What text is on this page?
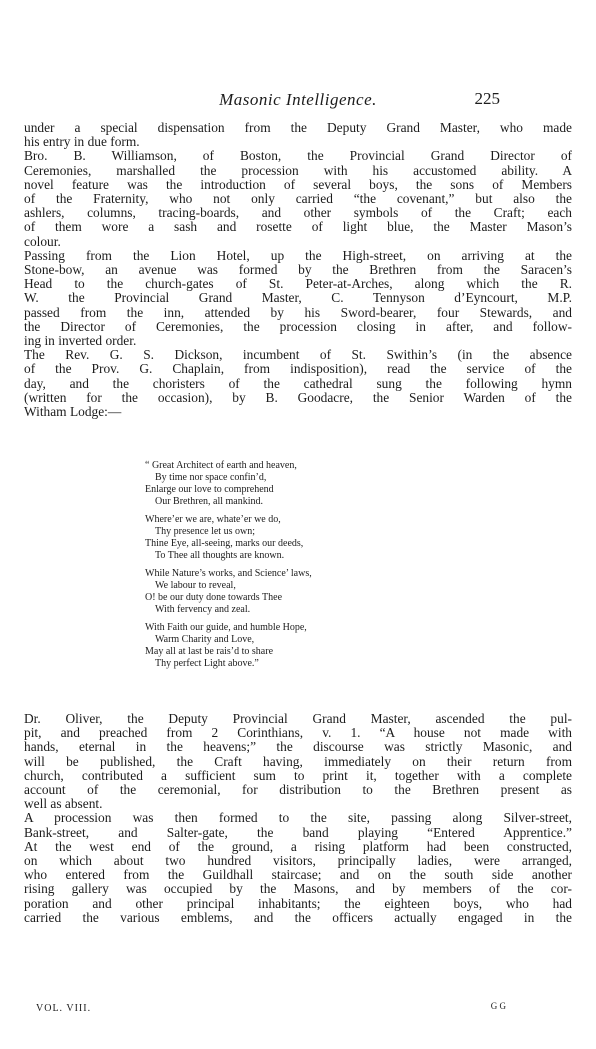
Masonic Intelligence.	225

under a special dispensation from the Deputy Grand Master, who made
his entry in due form.
Bro. B. Williamson, of Boston, the Provincial Grand Director of
Ceremonies, marshalled the procession with his accustomed ability. A
novel feature was the introduction of several boys, the sons of Members
of the Fraternity, who not only carried “the covenant,” but also the
ashlers, columns, tracing-boards, and other symbols of the Craft; each
of them wore a sash and rosette of light blue, the Master Mason’s
colour.
Passing from the Lion Hotel, up the High-street, on arriving at the
Stone-bow, an avenue was formed by the Brethren from the Saracen’s
Head to the church-gates of St. Peter-at-Arches, along which the R.
W. the Provincial Grand Master, C. Tennyson d’Eyncourt, M.P.
passed from the inn, attended by his Sword-bearer, four Stewards, and
the Director of Ceremonies, the procession closing in after, and follow-
ing in inverted order.
The Rev. G. S. Dickson, incumbent of St. Swithin’s (in the absence
of the Prov. G. Chaplain, from indisposition), read the service of the
day, and the choristers of the cathedral sung the following hymn
(written for the occasion), by B. Goodacre, the Senior Warden of the
Witham Lodge:—

“ Great Architect of earth and heaven,
By time nor space confin’d,
Enlarge our love to comprehend
Our Brethren, all mankind.
Where’er we are, whate’er we do,
Thy presence let us own;
Thine Eye, all-seeing, marks our deeds,
To Thee all thoughts are known.
While Nature’s works, and Science’ laws,
We labour to reveal,
O! be our duty done towards Thee
With fervency and zeal.
With Faith our guide, and humble Hope,
Warm Charity and Love,
May all at last be rais’d to share
Thy perfect Light above.”

Dr. Oliver, the Deputy Provincial Grand Master, ascended the pul-
pit, and preached from 2 Corinthians, v. 1. “A house not made with
hands, eternal in the heavens;” the discourse was strictly Masonic, and
will be published, the Craft having, immediately on their return from
church, contributed a sufficient sum to print it, together with a complete
account of the ceremonial, for distribution to the Brethren present as
well as absent.
A procession was then formed to the site, passing along Silver-street,
Bank-street, and Salter-gate, the band playing “Entered Apprentice.”
At the west end of the ground, a rising platform had been constructed,
on which about two hundred visitors, principally ladies, were arranged,
who entered from the Guildhall staircase; and on the south side another
rising gallery was occupied by the Masons, and by members of the cor-
poration and other principal inhabitants; the eighteen boys, who had
carried the various emblems, and the officers actually engaged in the

VOL. VIII.	G G
